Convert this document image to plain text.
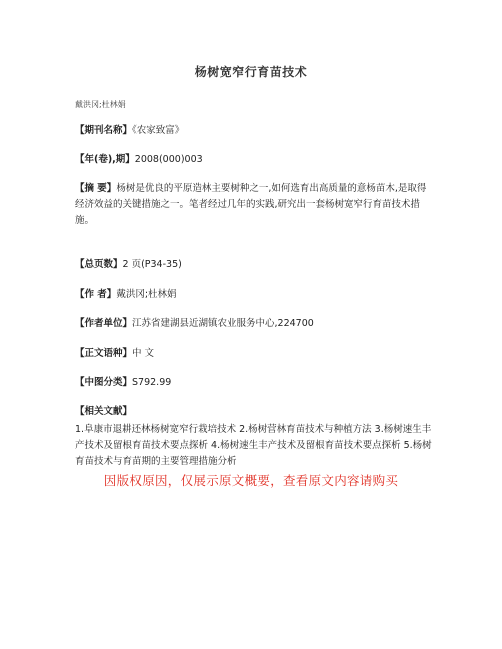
杨树宽窄行育苗技术
戴洪冈;杜林娟
【期刊名称】《农家致富》
【年(卷),期】2008(000)003
【摘 要】杨树是优良的平原造林主要树种之一,如何选育出高质量的意杨苗木,是取得经济效益的关键措施之一。笔者经过几年的实践,研究出一套杨树宽窄行育苗技术措施。
【总页数】2 页(P34-35)
【作 者】戴洪冈;杜林娟
【作者单位】江苏省建湖县近湖镇农业服务中心,224700
【正文语种】中 文
【中图分类】S792.99
【相关文献】
1.阜康市退耕还林杨树宽窄行栽培技术 2.杨树营林育苗技术与种植方法 3.杨树速生丰产技术及留根育苗技术要点探析 4.杨树速生丰产技术及留根育苗技术要点探析 5.杨树育苗技术与育苗期的主要管理措施分析
因版权原因，仅展示原文概要，查看原文内容请购买
